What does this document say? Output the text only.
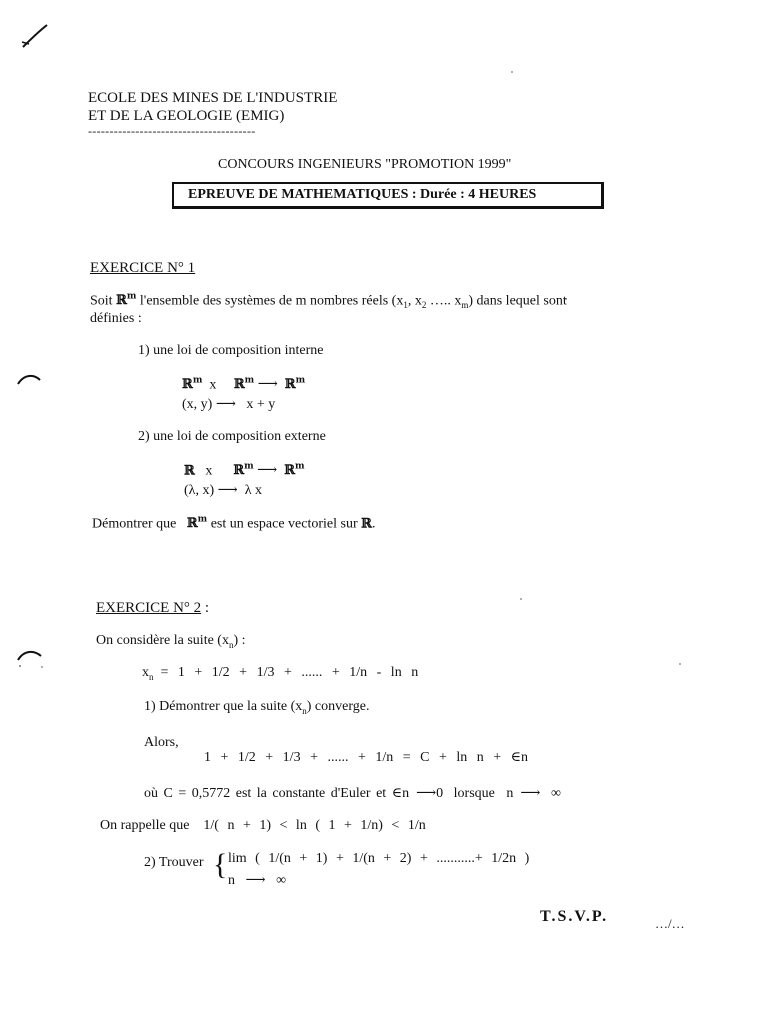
ECOLE DES MINES DE L'INDUSTRIE
ET DE LA GEOLOGIE (EMIG)
---------------------------------------
CONCOURS INGENIEURS "PROMOTION 1999"
EPREUVE DE MATHEMATIQUES : Durée : 4 HEURES
EXERCICE N° 1
Soit ℝ$^m$ l'ensemble des systèmes de m nombres réels ($x_1$, $x_2$ ….. $x_m$) dans lequel sont
définies :
1) une loi de composition interne
ℝ$^m$ x ℝ$^m$ ⟶ ℝ$^m$
(x, y) ⟶ x + y
2) une loi de composition externe
ℝ x ℝ$^m$ ⟶ ℝ$^m$
(λ, x) ⟶ λ x
Démontrer que ℝ$^m$ est un espace vectoriel sur ℝ.
EXERCICE N° 2 :
On considère la suite $(x_n)$ :
$x_n = 1 + 1/2 + 1/3$ + ...... + 1/n - ln n
1) Démontrer que la suite $(x_n)$ converge.
Alors,
1 + 1/2 + 1/3 + ...... + 1/n = C + ln n + ∈n
où C = 0,5772 est la constante d'Euler et ∈n ⟶0 lorsque n ⟶ ∞
On rappelle que 1/( n + 1) < ln ( 1 + 1/n) < 1/n
2) Trouver { lim ( 1/(n + 1) + 1/(n + 2) + ...........+ 1/2n )
n ⟶ ∞
T.S.V.P.	…/…
